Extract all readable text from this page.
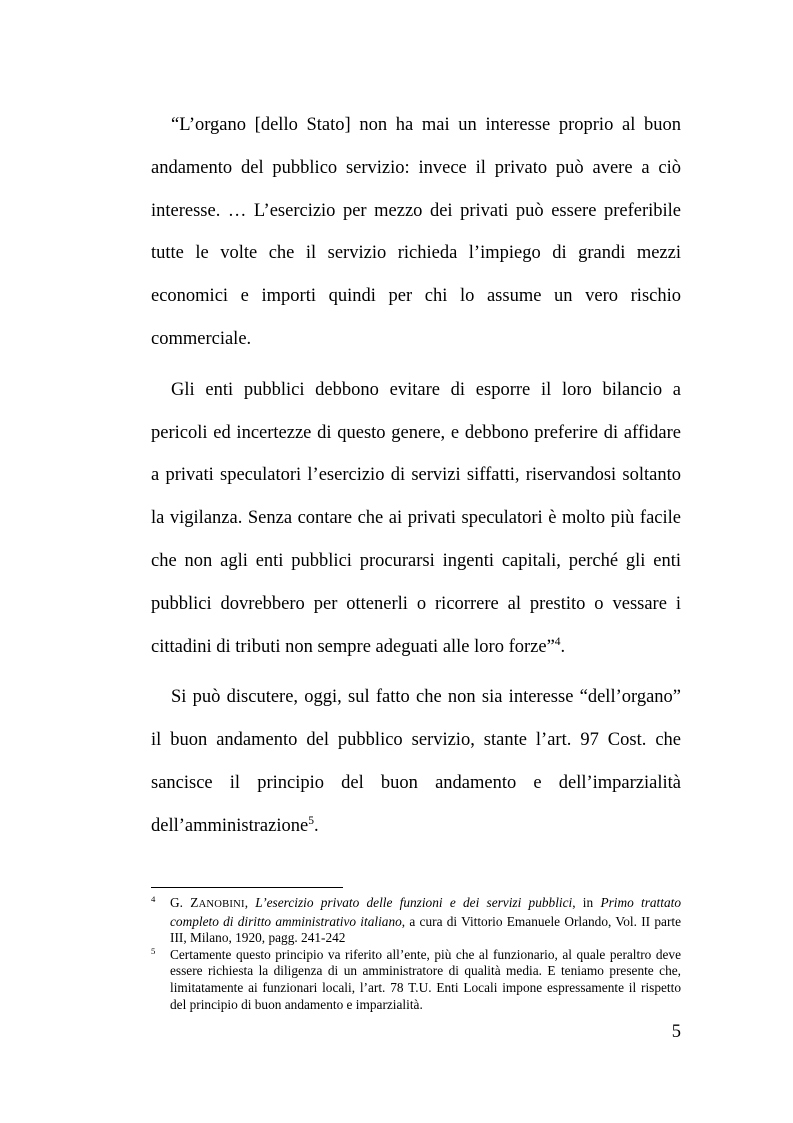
“L’organo [dello Stato] non ha mai un interesse proprio al buon
andamento del pubblico servizio: invece il privato può avere a ciò
interesse. … L’esercizio per mezzo dei privati può essere preferibile
tutte le volte che il servizio richieda l’impiego di grandi mezzi
economici e importi quindi per chi lo assume un vero rischio
commerciale.
Gli enti pubblici debbono evitare di esporre il loro bilancio a
pericoli ed incertezze di questo genere, e debbono preferire di affidare
a privati speculatori l’esercizio di servizi siffatti, riservandosi soltanto
la vigilanza. Senza contare che ai privati speculatori è molto più facile
che non agli enti pubblici procurarsi ingenti capitali, perché gli enti
pubblici dovrebbero per ottenerli o ricorrere al prestito o vessare i
cittadini di tributi non sempre adeguati alle loro forze”$^4$.
Si può discutere, oggi, sul fatto che non sia interesse “dell’organo”
il buon andamento del pubblico servizio, stante l’art. 97 Cost. che
sancisce il principio del buon andamento e dell’imparzialità
dell’amministrazione$^5$.
4 G. ZANOBINI, L’esercizio privato delle funzioni e dei servizi pubblici, in Primo trattato
completo di diritto amministrativo italiano, a cura di Vittorio Emanuele Orlando, Vol. II parte
III, Milano, 1920, pagg. 241-242
5 Certamente questo principio va riferito all’ente, più che al funzionario, al quale peraltro deve
essere richiesta la diligenza di un amministratore di qualità media. E teniamo presente che,
limitatamente ai funzionari locali, l’art. 78 T.U. Enti Locali impone espressamente il rispetto
del principio di buon andamento e imparzialità.
5
